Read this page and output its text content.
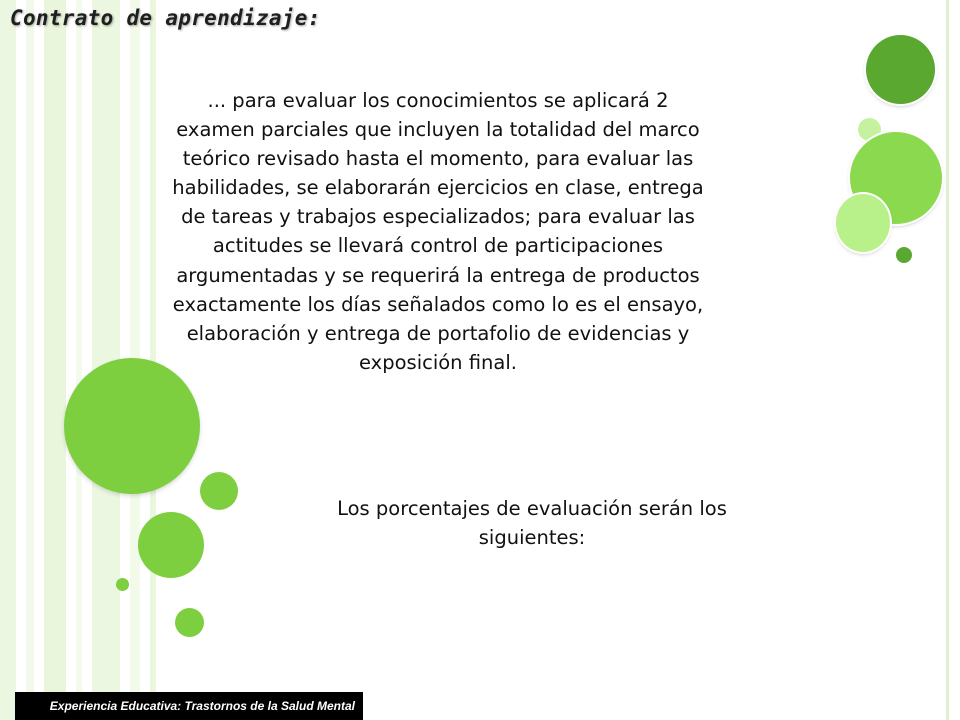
Contrato de aprendizaje:

... para evaluar los conocimientos se aplicará 2 examen parciales que incluyen la totalidad del marco teórico revisado hasta el momento, para evaluar las habilidades, se elaborarán ejercicios en clase, entrega de tareas y trabajos especializados; para evaluar las actitudes se llevará control de participaciones argumentadas y se requerirá la entrega de productos exactamente los días señalados como lo es el ensayo, elaboración y entrega de portafolio de evidencias y exposición final.

Los porcentajes de evaluación serán los siguientes:

Experiencia Educativa: Trastornos de la Salud Mental
